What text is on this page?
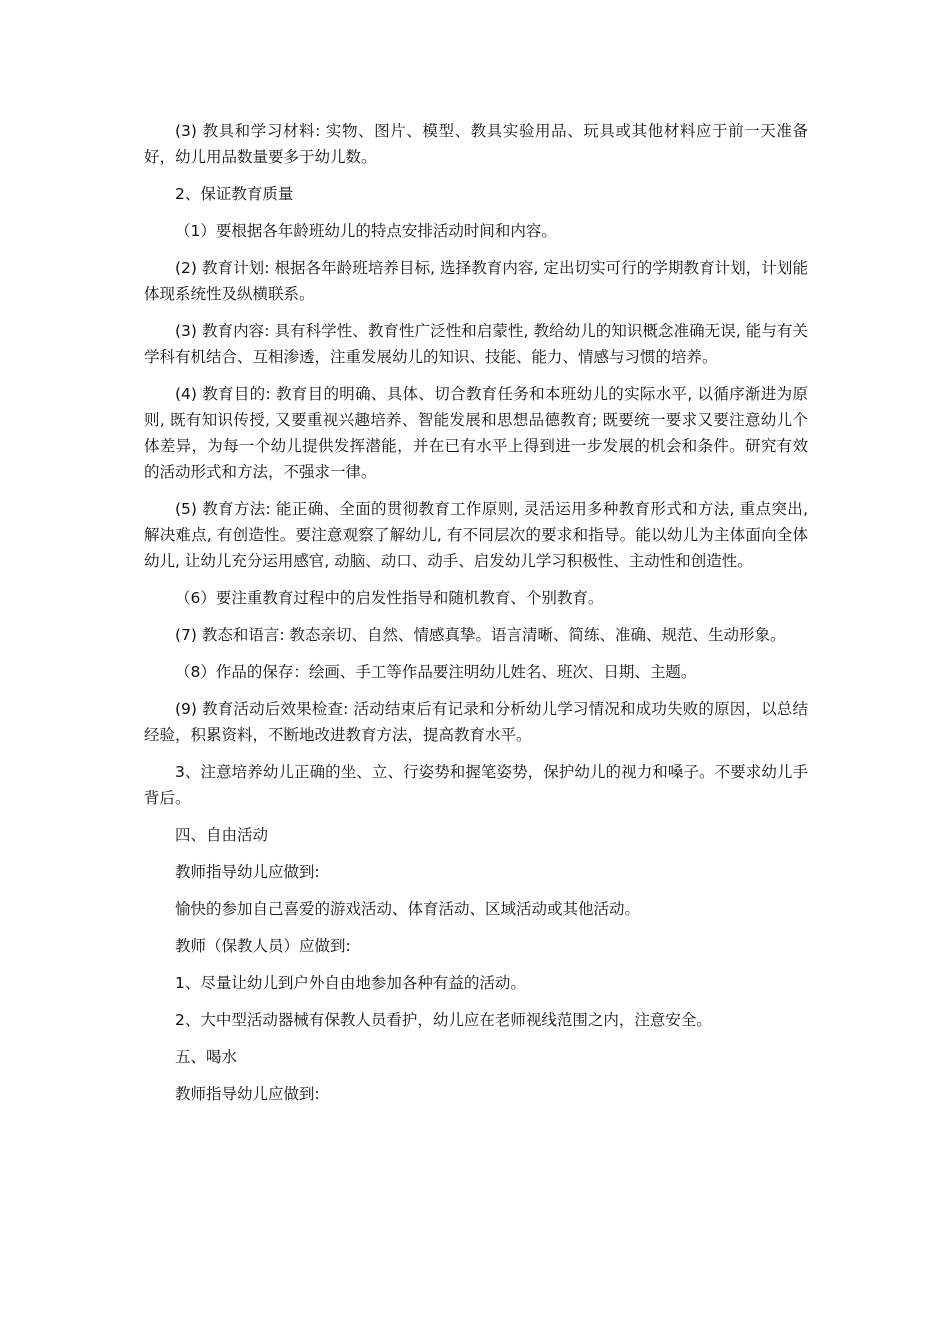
(3) 教具和学习材料: 实物、图片、模型、教具实验用品、玩具或其他材料应于前一天准备好，幼儿用品数量要多于幼儿数。

2、保证教育质量

（1）要根据各年龄班幼儿的特点安排活动时间和内容。

(2) 教育计划: 根据各年龄班培养目标, 选择教育内容, 定出切实可行的学期教育计划，计划能体现系统性及纵横联系。

(3) 教育内容: 具有科学性、教育性广泛性和启蒙性, 教给幼儿的知识概念准确无误, 能与有关学科有机结合、互相渗透，注重发展幼儿的知识、技能、能力、情感与习惯的培养。

(4) 教育目的: 教育目的明确、具体、切合教育任务和本班幼儿的实际水平, 以循序渐进为原则, 既有知识传授, 又要重视兴趣培养、智能发展和思想品德教育; 既要统一要求又要注意幼儿个体差异，为每一个幼儿提供发挥潜能，并在已有水平上得到进一步发展的机会和条件。研究有效的活动形式和方法，不强求一律。

(5) 教育方法: 能正确、全面的贯彻教育工作原则, 灵活运用多种教育形式和方法, 重点突出, 解决难点, 有创造性。要注意观察了解幼儿, 有不同层次的要求和指导。能以幼儿为主体面向全体幼儿, 让幼儿充分运用感官, 动脑、动口、动手、启发幼儿学习积极性、主动性和创造性。

（6）要注重教育过程中的启发性指导和随机教育、个别教育。

(7) 教态和语言: 教态亲切、自然、情感真挚。语言清晰、简练、准确、规范、生动形象。

（8）作品的保存：绘画、手工等作品要注明幼儿姓名、班次、日期、主题。

(9) 教育活动后效果检查: 活动结束后有记录和分析幼儿学习情况和成功失败的原因，以总结经验，积累资料，不断地改进教育方法，提高教育水平。

3、注意培养幼儿正确的坐、立、行姿势和握笔姿势，保护幼儿的视力和嗓子。不要求幼儿手背后。

四、自由活动

教师指导幼儿应做到:

愉快的参加自己喜爱的游戏活动、体育活动、区域活动或其他活动。

教师（保教人员）应做到:

1、尽量让幼儿到户外自由地参加各种有益的活动。

2、大中型活动器械有保教人员看护，幼儿应在老师视线范围之内，注意安全。

五、喝水

教师指导幼儿应做到:
